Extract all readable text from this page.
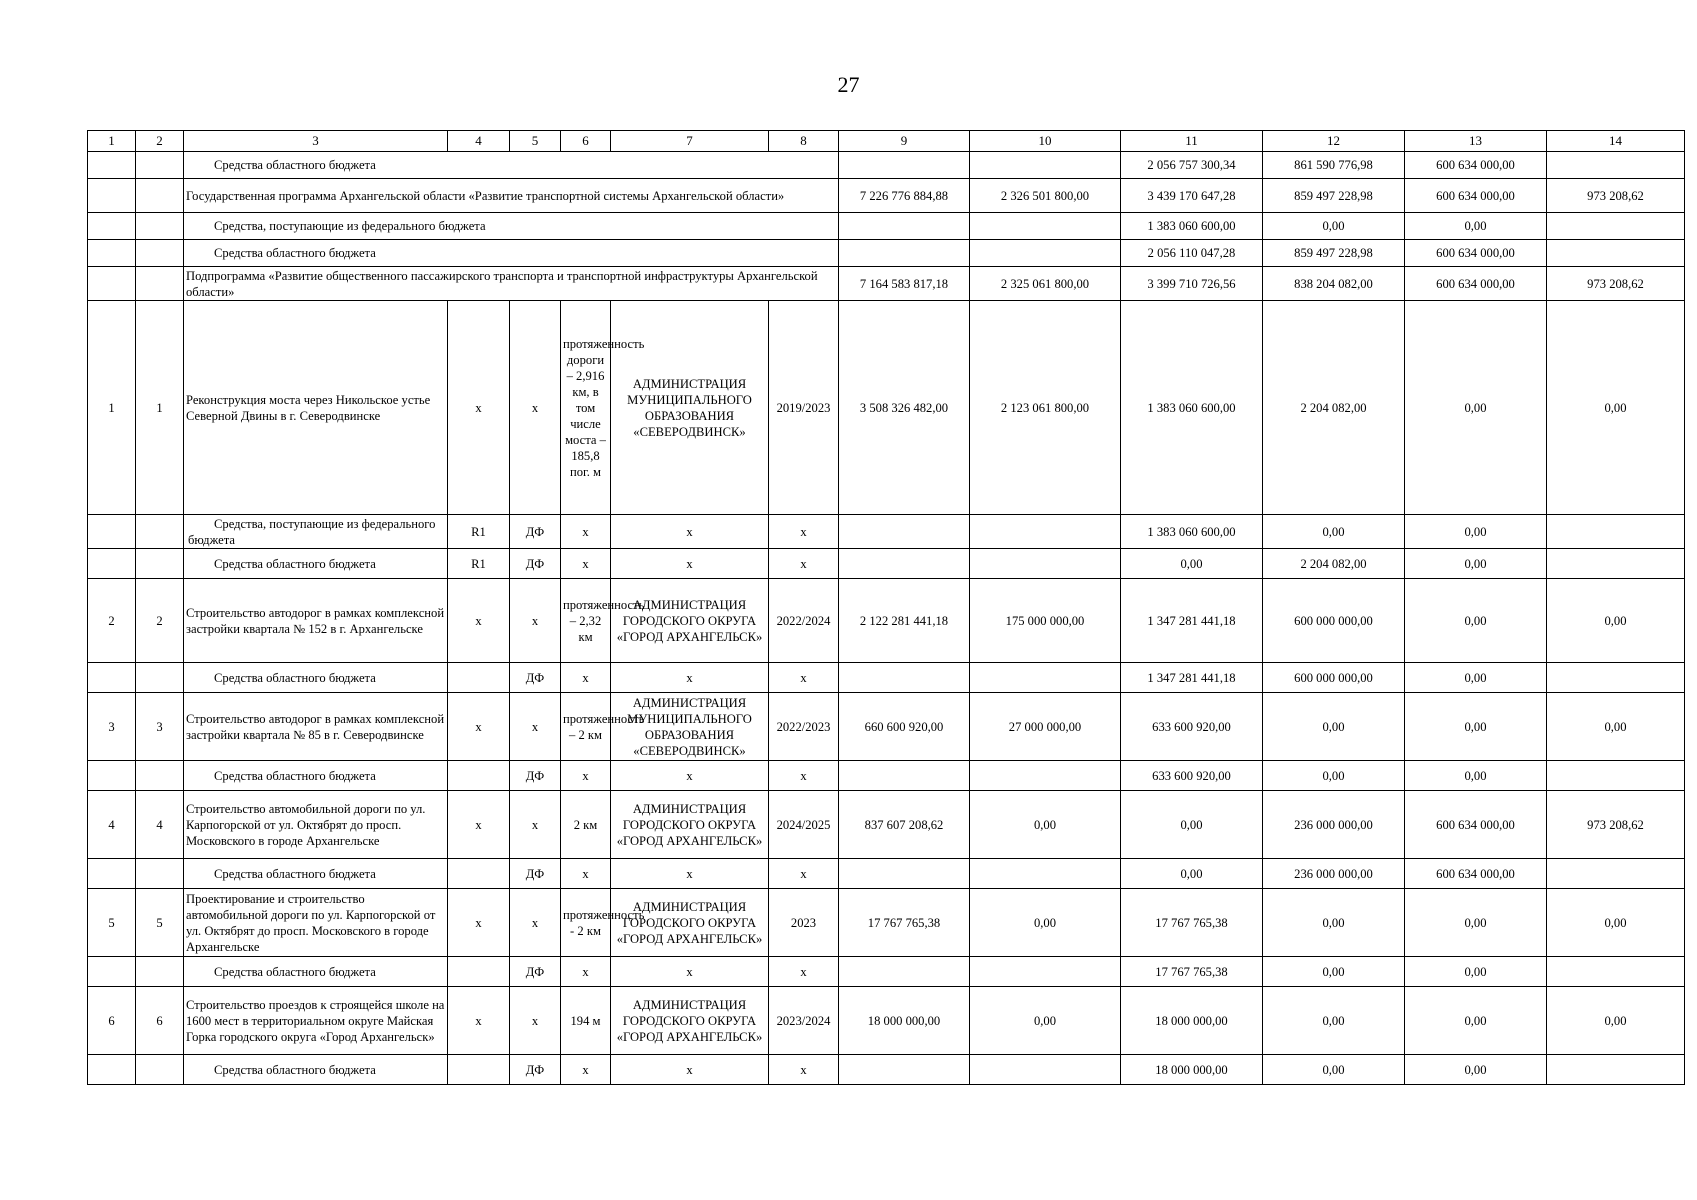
27
1	2	3	4	5	6	7	8	9	10	11	12	13	14
		Средства областного бюджета								2 056 757 300,34	861 590 776,98	600 634 000,00	
		Государственная программа Архангельской области «Развитие транспортной системы Архангельской области»						7 226 776 884,88	2 326 501 800,00	3 439 170 647,28	859 497 228,98	600 634 000,00	973 208,62
		Средства, поступающие из федерального бюджета								1 383 060 600,00	0,00	0,00	
		Средства областного бюджета								2 056 110 047,28	859 497 228,98	600 634 000,00	
		Подпрограмма «Развитие общественного пассажирского транспорта и транспортной инфраструктуры Архангельской области»						7 164 583 817,18	2 325 061 800,00	3 399 710 726,56	838 204 082,00	600 634 000,00	973 208,62
1	1	Реконструкция моста через Никольское устье Северной Двины в г. Северодвинске	х	х	протяженность дороги – 2,916 км, в том числе моста – 185,8 пог. м	АДМИНИСТРАЦИЯ МУНИЦИПАЛЬНОГО ОБРАЗОВАНИЯ «СЕВЕРОДВИНСК»	2019/2023	3 508 326 482,00	2 123 061 800,00	1 383 060 600,00	2 204 082,00	0,00	0,00
		Средства, поступающие из федерального бюджета	R1	ДФ	х	х	х			1 383 060 600,00	0,00	0,00	
		Средства областного бюджета	R1	ДФ	х	х	х			0,00	2 204 082,00	0,00	
2	2	Строительство автодорог в рамках комплексной застройки квартала № 152 в г. Архангельске	х	х	протяженность – 2,32 км	АДМИНИСТРАЦИЯ ГОРОДСКОГО ОКРУГА «ГОРОД АРХАНГЕЛЬСК»	2022/2024	2 122 281 441,18	175 000 000,00	1 347 281 441,18	600 000 000,00	0,00	0,00
		Средства областного бюджета		ДФ	х	х	х			1 347 281 441,18	600 000 000,00	0,00	
3	3	Строительство автодорог в рамках комплексной застройки квартала № 85 в г. Северодвинске	х	х	протяженность – 2 км	АДМИНИСТРАЦИЯ МУНИЦИПАЛЬНОГО ОБРАЗОВАНИЯ «СЕВЕРОДВИНСК»	2022/2023	660 600 920,00	27 000 000,00	633 600 920,00	0,00	0,00	0,00
		Средства областного бюджета		ДФ	х	х	х			633 600 920,00	0,00	0,00	
4	4	Строительство автомобильной дороги по ул. Карпогорской от ул. Октябрят до просп. Московского в городе Архангельске	х	х	2 км	АДМИНИСТРАЦИЯ ГОРОДСКОГО ОКРУГА «ГОРОД АРХАНГЕЛЬСК»	2024/2025	837 607 208,62	0,00	0,00	236 000 000,00	600 634 000,00	973 208,62
		Средства областного бюджета		ДФ	х	х	х			0,00	236 000 000,00	600 634 000,00	
5	5	Проектирование и строительство автомобильной дороги по ул. Карпогорской от ул. Октябрят до просп. Московского в городе Архангельске	х	х	протяженность - 2 км	АДМИНИСТРАЦИЯ ГОРОДСКОГО ОКРУГА «ГОРОД АРХАНГЕЛЬСК»	2023	17 767 765,38	0,00	17 767 765,38	0,00	0,00	0,00
		Средства областного бюджета		ДФ	х	х	х			17 767 765,38	0,00	0,00	
6	6	Строительство проездов к строящейся школе на 1600 мест в территориальном округе Майская Горка городского округа «Город Архангельск»	х	х	194 м	АДМИНИСТРАЦИЯ ГОРОДСКОГО ОКРУГА «ГОРОД АРХАНГЕЛЬСК»	2023/2024	18 000 000,00	0,00	18 000 000,00	0,00	0,00	0,00
		Средства областного бюджета		ДФ	х	х	х			18 000 000,00	0,00	0,00	
